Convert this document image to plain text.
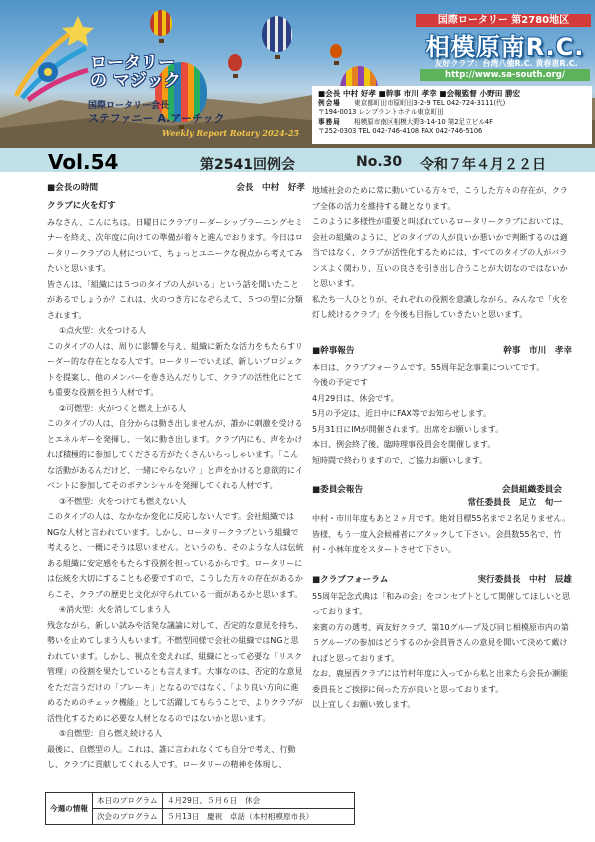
ロータリーの マジック
国際ロータリー会長
ステファニー A.アーチック
Weekly Report Rotary 2024-25
国際ロータリー 第2780地区
相模原南R.C.
友好クラブ：台湾八徳R.C. 黄春恵R.C.
http://www.sa-south.org/
■会長 中村 好孝 ■幹事 市川 孝幸 ■会報監督 小野田 勝宏
例会場 東京都町田市原町田3-2-9 TEL 042-724-3111(代)
〒194-0013 レンブラントホテル東京町田
事務局 相模原市南区相模大野3-14-10 第2足立ビル4F
〒252-0303 TEL 042-746-4108 FAX 042-746-5106
Vol.54	第2541回例会	No.30 令和７年４月２２日
■会長の時間	会長　中村　好孝
クラブに火を灯す

みなさん、こんにちは。日曜日にクラブリーダーシップラーニングセミナーを終え、次年度に向けての準備が着々と進んでおります。今日はロータリークラブの人材について、ちょっとユニークな視点から考えてみたいと思います。

皆さんは、「組織には５つのタイプの人がいる」という話を聞いたことがあるでしょうか？これは、火のつき方になぞらえて、５つの型に分類されます。

①点火型：火をつける人

このタイプの人は、周りに影響を与え、組織に新たな活力をもたらすリーダー的な存在となる人です。ロータリーでいえば、新しいプロジェクトを提案し、他のメンバーを巻き込んだりして、クラブの活性化にとても重要な役割を担う人材です。

②可燃型：火がつくと燃え上がる人

このタイプの人は、自分からは動き出しませんが、誰かに刺激を受けるとエネルギーを発揮し、一気に動き出します。クラブ内にも、声をかければ積極的に参加してくださる方がたくさんいらっしゃいます。「こんな活動があるんだけど、一緒にやらない？」と声をかけると意欲的にイベントに参加してそのポテンシャルを発揮してくれる人材です。

③不燃型：火をつけても燃えない人

このタイプの人は、なかなか変化に反応しない人です。会社組織ではNGな人材と言われています。しかし、ロータリークラブという組織で考えると、一概にそうは思いません。というのも、そのような人は伝統ある組織に安定感をもたらす役割を担っているからです。ロータリーには伝統を大切にすることも必要ですので、こうした方々の存在があるからこそ、クラブの歴史と文化が守られている一面があるかと思います。

④消火型：火を消してしまう人

残念ながら、新しい試みや活発な議論に対して、否定的な意見を持ち、勢いを止めてしまう人もいます。不燃型同様で会社の組織ではNGと思われています。しかし、視点を変えれば、組織にとって必要な「リスク管理」の役割を果たしているとも言えます。大事なのは、否定的な意見をただ言うだけの「ブレーキ」となるのではなく、「より良い方向に進めるためのチェック機能」として活躍してもらうことで、よりクラブが活性化するために必要な人材となるのではないかと思います。

⑤自燃型：自ら燃え続ける人

最後に、自燃型の人。これは、誰に言われなくても自分で考え、行動し、クラブに貢献してくれる人です。ロータリーの精神を体現し、

地域社会のために常に動いている方々で、こうした方々の存在が、クラブ全体の活力を維持する鍵となります。

このように多様性が重要と叫ばれているロータリークラブにおいては、会社の組織のように、どのタイプの人が良いか悪いかで判断するのは適当ではなく、クラブが活性化するためには、すべてのタイプの人がバランスよく関わり、互いの良さを引き出し合うことが大切なのではないかと思います。

私たち一人ひとりが、それぞれの役割を意識しながら、みんなで「火を灯し続けるクラブ」を今後も目指していきたいと思います。

■幹事報告	幹事　市川　孝幸

本日は、クラブフォーラムです。55周年記念事業についてです。

今後の予定です

4月29日は、休会です。

5月の予定は、近日中にFAX等でお知らせします。

5月31日にIMが開催されます。出席をお願いします。

本日、例会終了後、臨時理事役員会を開催します。

短時間で終わりますので、ご協力お願いします。

■委員会報告	会員組織委員会
常任委員長　足立　旬一

中村・市川年度もあと２ヶ月です。絶対目標55名まで２名足りません。皆様、もう一度入会候補者にアタックして下さい。会員数55名で、竹村・小林年度をスタートさせて下さい。

■クラブフォーラム	実行委員長　中村　辰雄

55周年記念式典は「和みの会」をコンセプトとして開催してほしいと思っております。

来賓の方の選考、両友好クラブ、第10グループ及び同じ相模原市内の第５グループの参加はどうするのか会員皆さんの意見を聞いて決めて戴ければと思っております。

なお、鹿屋西クラブには竹村年度に入ってから私と出来たら会長か瀬能委員長とご挨拶に伺った方が良いと思っております。

以上宜しくお願い致します。

今週の情報	本日のプログラム	４月29日、５月６日　休会
	次会のプログラム	５月13日　慶祝　卓話（本村相模原市長）
